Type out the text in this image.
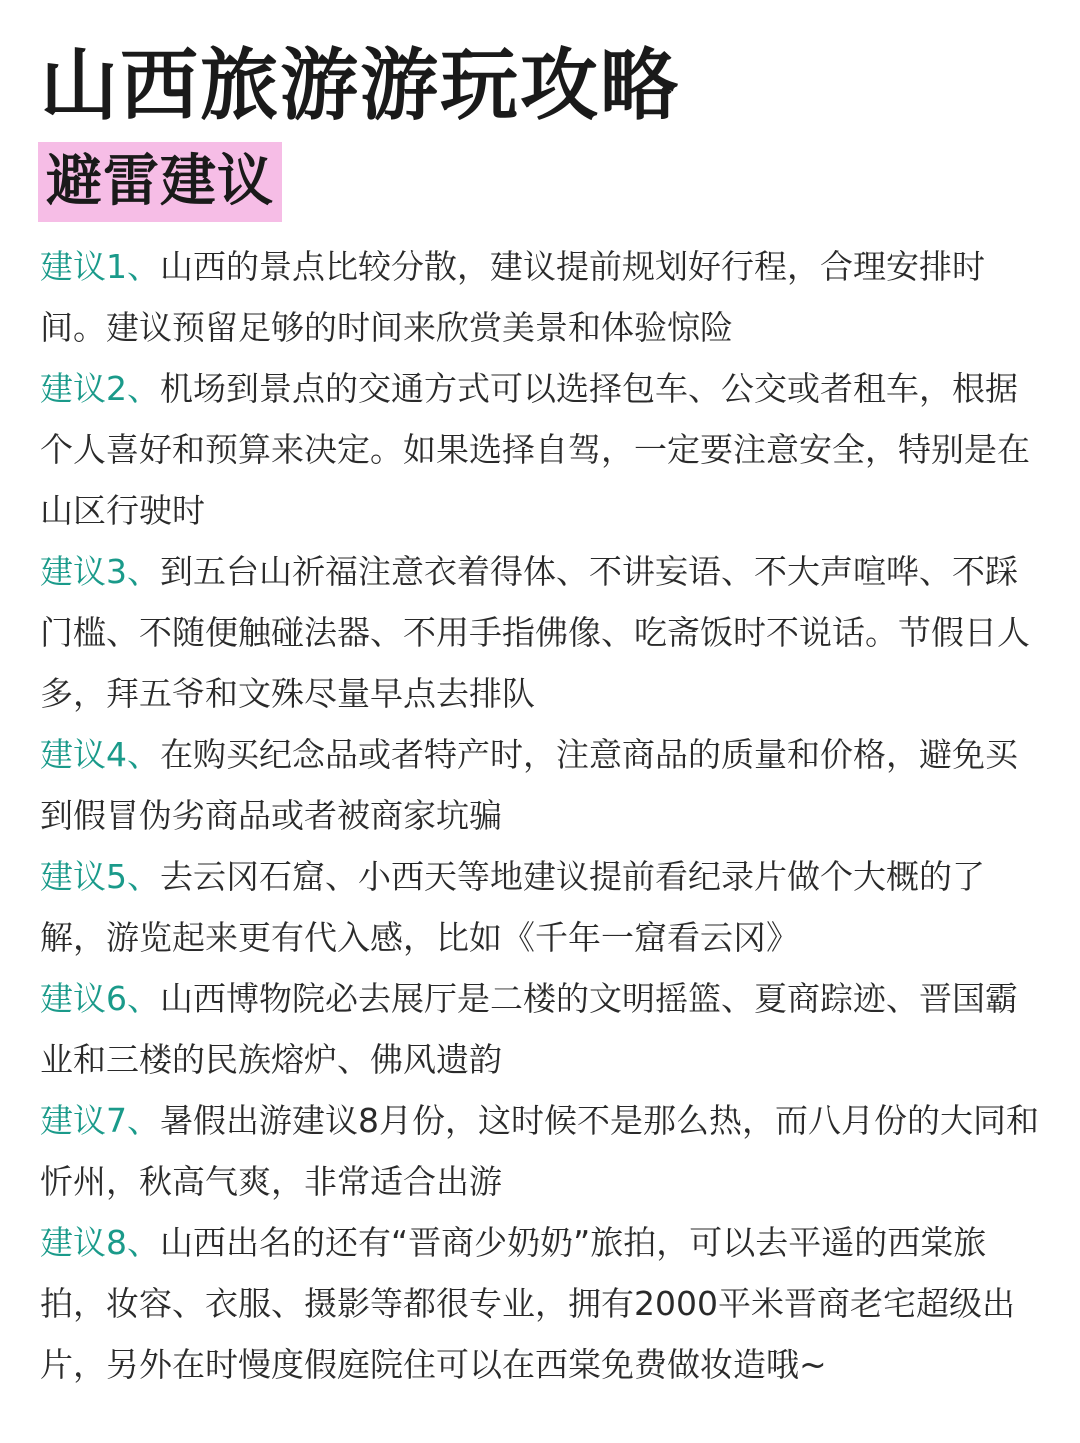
山西旅游游玩攻略
避雷建议

建议1、山西的景点比较分散，建议提前规划好行程，合理安排时间。建议预留足够的时间来欣赏美景和体验惊险

建议2、机场到景点的交通方式可以选择包车、公交或者租车，根据个人喜好和预算来决定。如果选择自驾，一定要注意安全，特别是在山区行驶时

建议3、到五台山祈福注意衣着得体、不讲妄语、不大声喧哗、不踩门槛、不随便触碰法器、不用手指佛像、吃斋饭时不说话。节假日人多，拜五爷和文殊尽量早点去排队

建议4、在购买纪念品或者特产时，注意商品的质量和价格，避免买到假冒伪劣商品或者被商家坑骗

建议5、去云冈石窟、小西天等地建议提前看纪录片做个大概的了解，游览起来更有代入感，比如《千年一窟看云冈》

建议6、山西博物院必去展厅是二楼的文明摇篮、夏商踪迹、晋国霸业和三楼的民族熔炉、佛风遗韵

建议7、暑假出游建议8月份，这时候不是那么热，而八月份的大同和忻州，秋高气爽，非常适合出游

建议8、山西出名的还有“晋商少奶奶”旅拍，可以去平遥的西棠旅拍，妆容、衣服、摄影等都很专业，拥有2000平米晋商老宅超级出片，另外在时慢度假庭院住可以在西棠免费做妆造哦~
